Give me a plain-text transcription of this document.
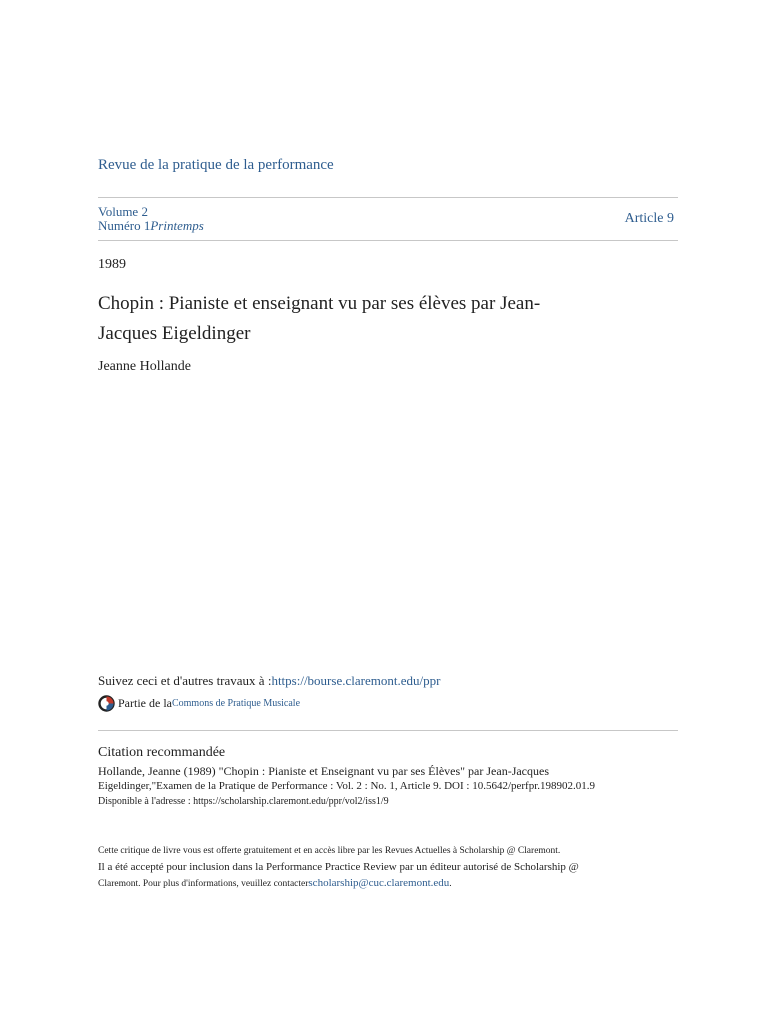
Revue de la pratique de la performance
Volume 2
Numéro 1Printemps	Article 9
1989
Chopin : Pianiste et enseignant vu par ses élèves par Jean-Jacques Eigeldinger
Jeanne Hollande
Suivez ceci et d'autres travaux à :https://bourse.claremont.edu/ppr
Partie de la Commons de Pratique Musicale
Citation recommandée
Hollande, Jeanne (1989) "Chopin : Pianiste et Enseignant vu par ses Élèves" par Jean-Jacques
Eigeldinger,"Examen de la Pratique de Performance : Vol. 2 : No. 1, Article 9. DOI : 10.5642/perfpr.198902.01.9
Disponible à l'adresse : https://scholarship.claremont.edu/ppr/vol2/iss1/9
Cette critique de livre vous est offerte gratuitement et en accès libre par les Revues Actuelles à Scholarship @ Claremont.
Il a été accepté pour inclusion dans la Performance Practice Review par un éditeur autorisé de Scholarship @
Claremont. Pour plus d'informations, veuillez contacterscholarship@cuc.claremont.edu.
